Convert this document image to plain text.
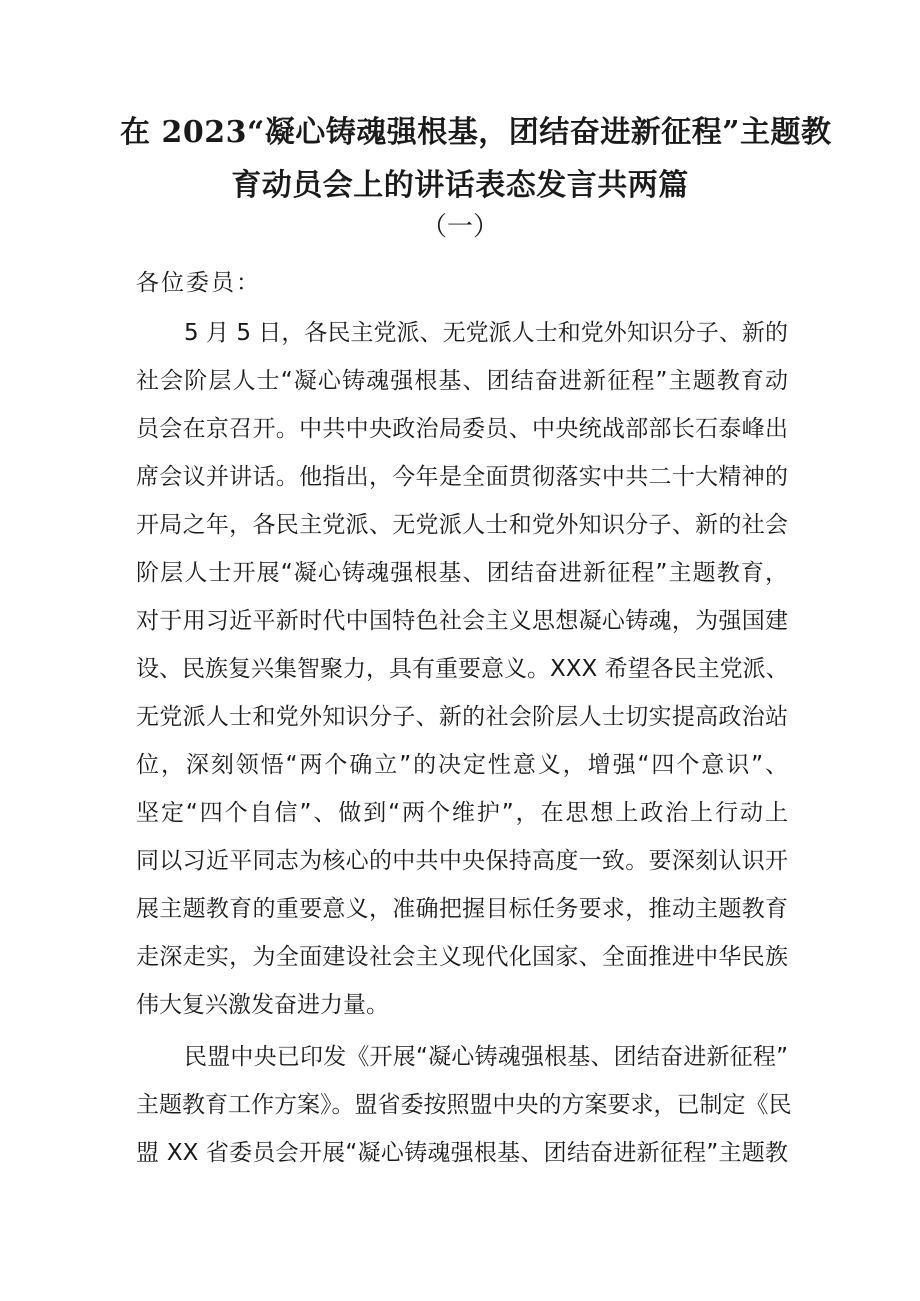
在 2023“凝心铸魂强根基，团结奋进新征程”主题教
育动员会上的讲话表态发言共两篇
（一）
各位委员：
5 月 5 日，各民主党派、无党派人士和党外知识分子、新的
社会阶层人士“凝心铸魂强根基、团结奋进新征程”主题教育动
员会在京召开。中共中央政治局委员、中央统战部部长石泰峰出
席会议并讲话。他指出，今年是全面贯彻落实中共二十大精神的
开局之年，各民主党派、无党派人士和党外知识分子、新的社会
阶层人士开展“凝心铸魂强根基、团结奋进新征程”主题教育，
对于用习近平新时代中国特色社会主义思想凝心铸魂，为强国建
设、民族复兴集智聚力，具有重要意义。XXX 希望各民主党派、
无党派人士和党外知识分子、新的社会阶层人士切实提高政治站
位，深刻领悟“两个确立”的决定性意义，增强“四个意识”、
坚定“四个自信”、做到“两个维护”，在思想上政治上行动上
同以习近平同志为核心的中共中央保持高度一致。要深刻认识开
展主题教育的重要意义，准确把握目标任务要求，推动主题教育
走深走实，为全面建设社会主义现代化国家、全面推进中华民族
伟大复兴激发奋进力量。
民盟中央已印发《开展“凝心铸魂强根基、团结奋进新征程”
主题教育工作方案》。盟省委按照盟中央的方案要求，已制定《民
盟 XX 省委员会开展“凝心铸魂强根基、团结奋进新征程”主题教
